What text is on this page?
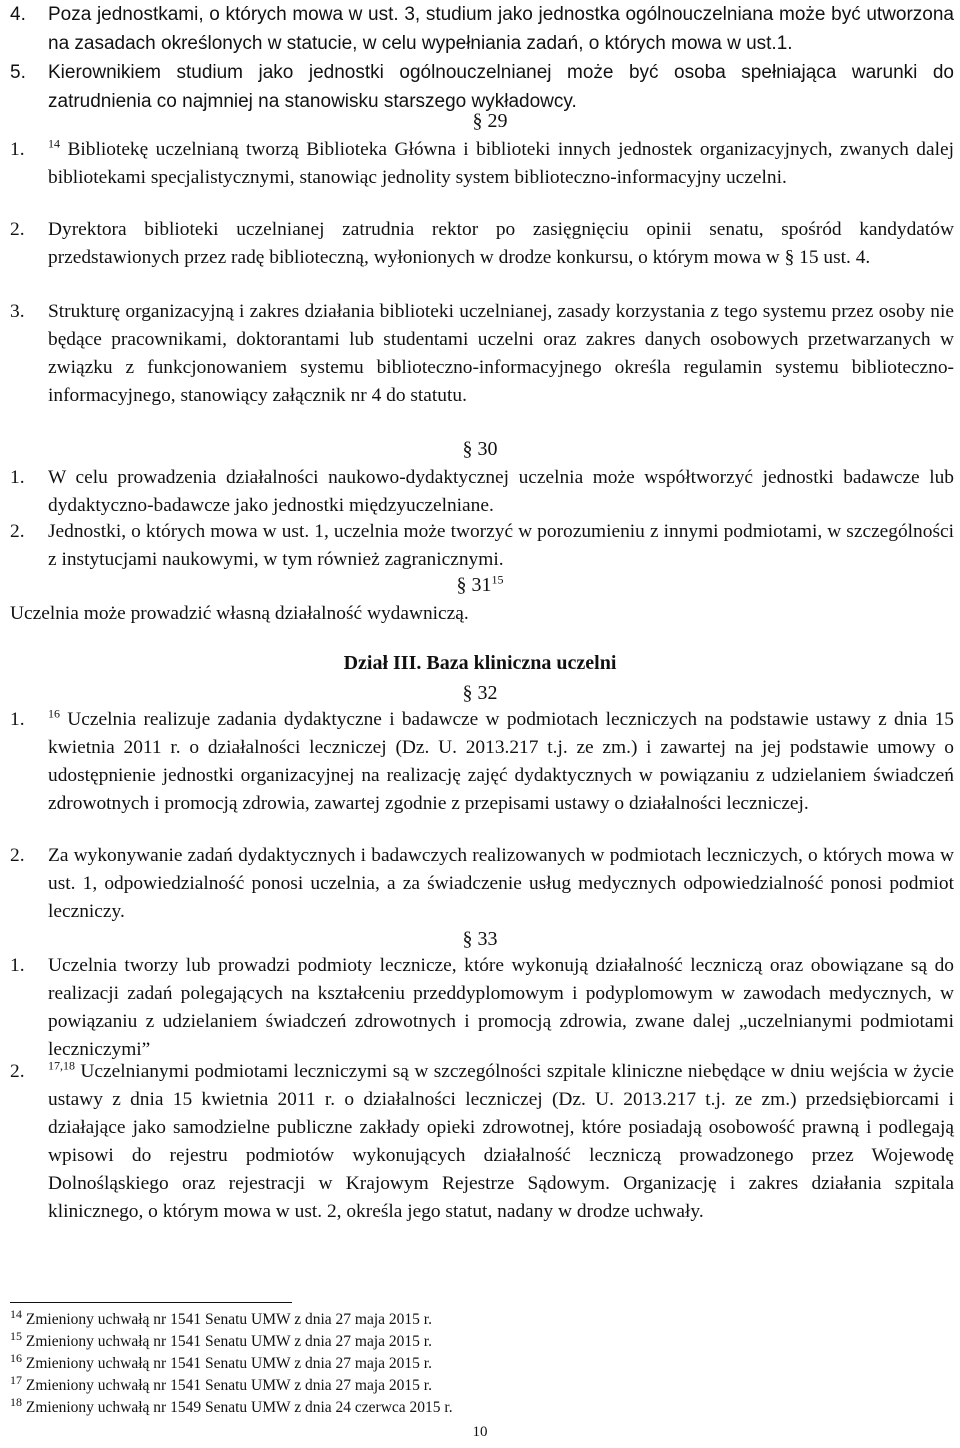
4. Poza jednostkami, o których mowa w ust. 3, studium jako jednostka ogólnouczelniana może być utworzona na zasadach określonych w statucie, w celu wypełniania zadań, o których mowa w ust.1.
5. Kierownikiem studium jako jednostki ogólnouczelnianej może być osoba spełniająca warunki do zatrudnienia co najmniej na stanowisku starszego wykładowcy.
§ 29
1. $^{14}$ Bibliotekę uczelnianą tworzą Biblioteka Główna i biblioteki innych jednostek organizacyjnych, zwanych dalej bibliotekami specjalistycznymi, stanowiąc jednolity system biblioteczno-informacyjny uczelni.
2. Dyrektora biblioteki uczelnianej zatrudnia rektor po zasięgnięciu opinii senatu, spośród kandydatów przedstawionych przez radę biblioteczną, wyłonionych w drodze konkursu, o którym mowa w § 15 ust. 4.
3. Strukturę organizacyjną i zakres działania biblioteki uczelnianej, zasady korzystania z tego systemu przez osoby nie będące pracownikami, doktorantami lub studentami uczelni oraz zakres danych osobowych przetwarzanych w związku z funkcjonowaniem systemu biblioteczno-informacyjnego określa regulamin systemu biblioteczno-informacyjnego, stanowiący załącznik nr 4 do statutu.
§ 30
1. W celu prowadzenia działalności naukowo-dydaktycznej uczelnia może współtworzyć jednostki badawcze lub dydaktyczno-badawcze jako jednostki międzyuczelniane.
2. Jednostki, o których mowa w ust. 1, uczelnia może tworzyć w porozumieniu z innymi podmiotami, w szczególności z instytucjami naukowymi, w tym również zagranicznymi.
§ $31^{15}$
Uczelnia może prowadzić własną działalność wydawniczą.
Dział III. Baza kliniczna uczelni
§ 32
1. $^{16}$ Uczelnia realizuje zadania dydaktyczne i badawcze w podmiotach leczniczych na podstawie ustawy z dnia 15 kwietnia 2011 r. o działalności leczniczej (Dz. U. 2013.217 t.j. ze zm.) i zawartej na jej podstawie umowy o udostępnienie jednostki organizacyjnej na realizację zajęć dydaktycznych w powiązaniu z udzielaniem świadczeń zdrowotnych i promocją zdrowia, zawartej zgodnie z przepisami ustawy o działalności leczniczej.
2. Za wykonywanie zadań dydaktycznych i badawczych realizowanych w podmiotach leczniczych, o których mowa w ust. 1, odpowiedzialność ponosi uczelnia, a za świadczenie usług medycznych odpowiedzialność ponosi podmiot leczniczy.
§ 33
1. Uczelnia tworzy lub prowadzi podmioty lecznicze, które wykonują działalność leczniczą oraz obowiązane są do realizacji zadań polegających na kształceniu przeddyplomowym i podyplomowym w zawodach medycznych, w powiązaniu z udzielaniem świadczeń zdrowotnych i promocją zdrowia, zwane dalej „uczelnianymi podmiotami leczniczymi”
2. $^{17,18}$ Uczelnianymi podmiotami leczniczymi są w szczególności szpitale kliniczne niebędące w dniu wejścia w życie ustawy z dnia 15 kwietnia 2011 r. o działalności leczniczej (Dz. U. 2013.217 t.j. ze zm.) przedsiębiorcami i działające jako samodzielne publiczne zakłady opieki zdrowotnej, które posiadają osobowość prawną i podlegają wpisowi do rejestru podmiotów wykonujących działalność leczniczą prowadzonego przez Wojewodę Dolnośląskiego oraz rejestracji w Krajowym Rejestrze Sądowym. Organizację i zakres działania szpitala klinicznego, o którym mowa w ust. 2, określa jego statut, nadany w drodze uchwały.
$^{14}$ Zmieniony uchwałą nr 1541 Senatu UMW z dnia 27 maja 2015 r.
$^{15}$ Zmieniony uchwałą nr 1541 Senatu UMW z dnia 27 maja 2015 r.
$^{16}$ Zmieniony uchwałą nr 1541 Senatu UMW z dnia 27 maja 2015 r.
$^{17}$ Zmieniony uchwałą nr 1541 Senatu UMW z dnia 27 maja 2015 r.
$^{18}$ Zmieniony uchwałą nr 1549 Senatu UMW z dnia 24 czerwca 2015 r.
10
